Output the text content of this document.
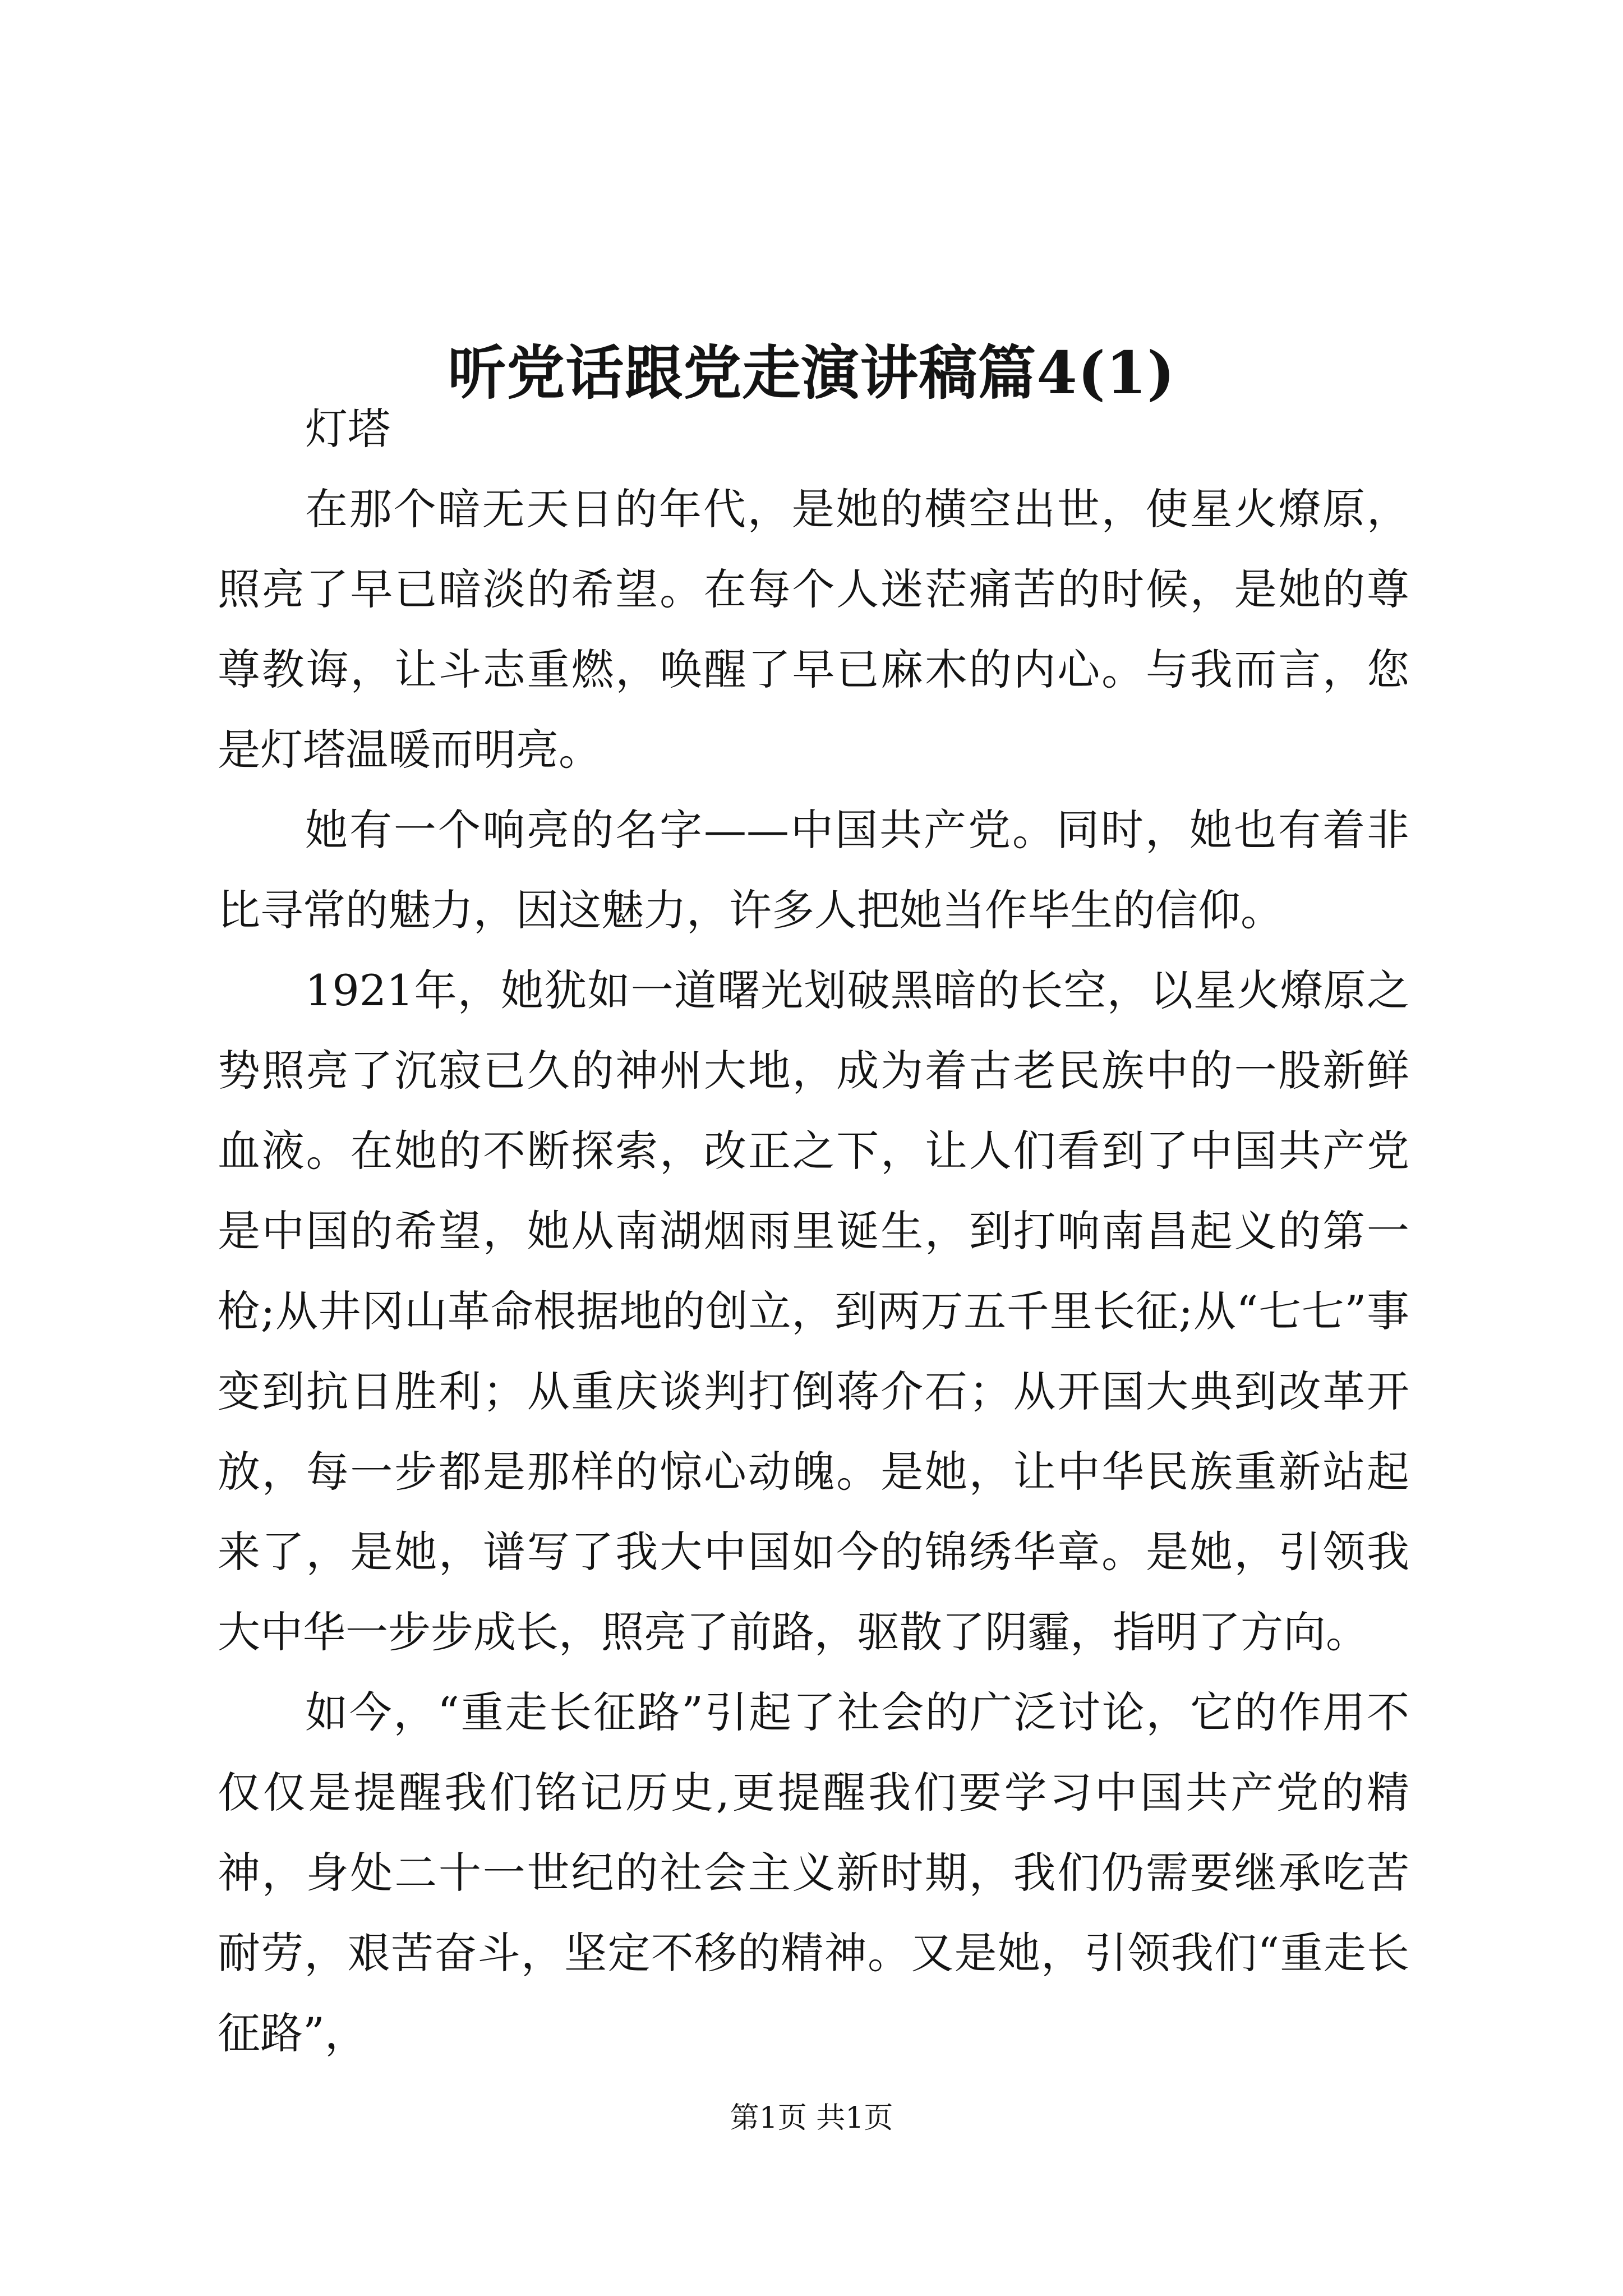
听党话跟党走演讲稿篇4(1)

灯塔

在那个暗无天日的年代，是她的横空出世，使星火燎原，照亮了早已暗淡的希望。在每个人迷茫痛苦的时候，是她的尊尊教诲，让斗志重燃，唤醒了早已麻木的内心。与我而言，您是灯塔温暖而明亮。

她有一个响亮的名字——中国共产党。同时，她也有着非比寻常的魅力，因这魅力，许多人把她当作毕生的信仰。

1921年，她犹如一道曙光划破黑暗的长空，以星火燎原之势照亮了沉寂已久的神州大地，成为着古老民族中的一股新鲜血液。在她的不断探索，改正之下，让人们看到了中国共产党是中国的希望，她从南湖烟雨里诞生，到打响南昌起义的第一枪;从井冈山革命根据地的创立，到两万五千里长征;从“七七”事变到抗日胜利；从重庆谈判打倒蒋介石；从开国大典到改革开放，每一步都是那样的惊心动魄。是她，让中华民族重新站起来了，是她，谱写了我大中国如今的锦绣华章。是她，引领我大中华一步步成长，照亮了前路，驱散了阴霾，指明了方向。

如今，“重走长征路”引起了社会的广泛讨论，它的作用不仅仅是提醒我们铭记历史,更提醒我们要学习中国共产党的精神，身处二十一世纪的社会主义新时期，我们仍需要继承吃苦耐劳，艰苦奋斗，坚定不移的精神。又是她，引领我们“重走长征路”，

第1页 共1页
